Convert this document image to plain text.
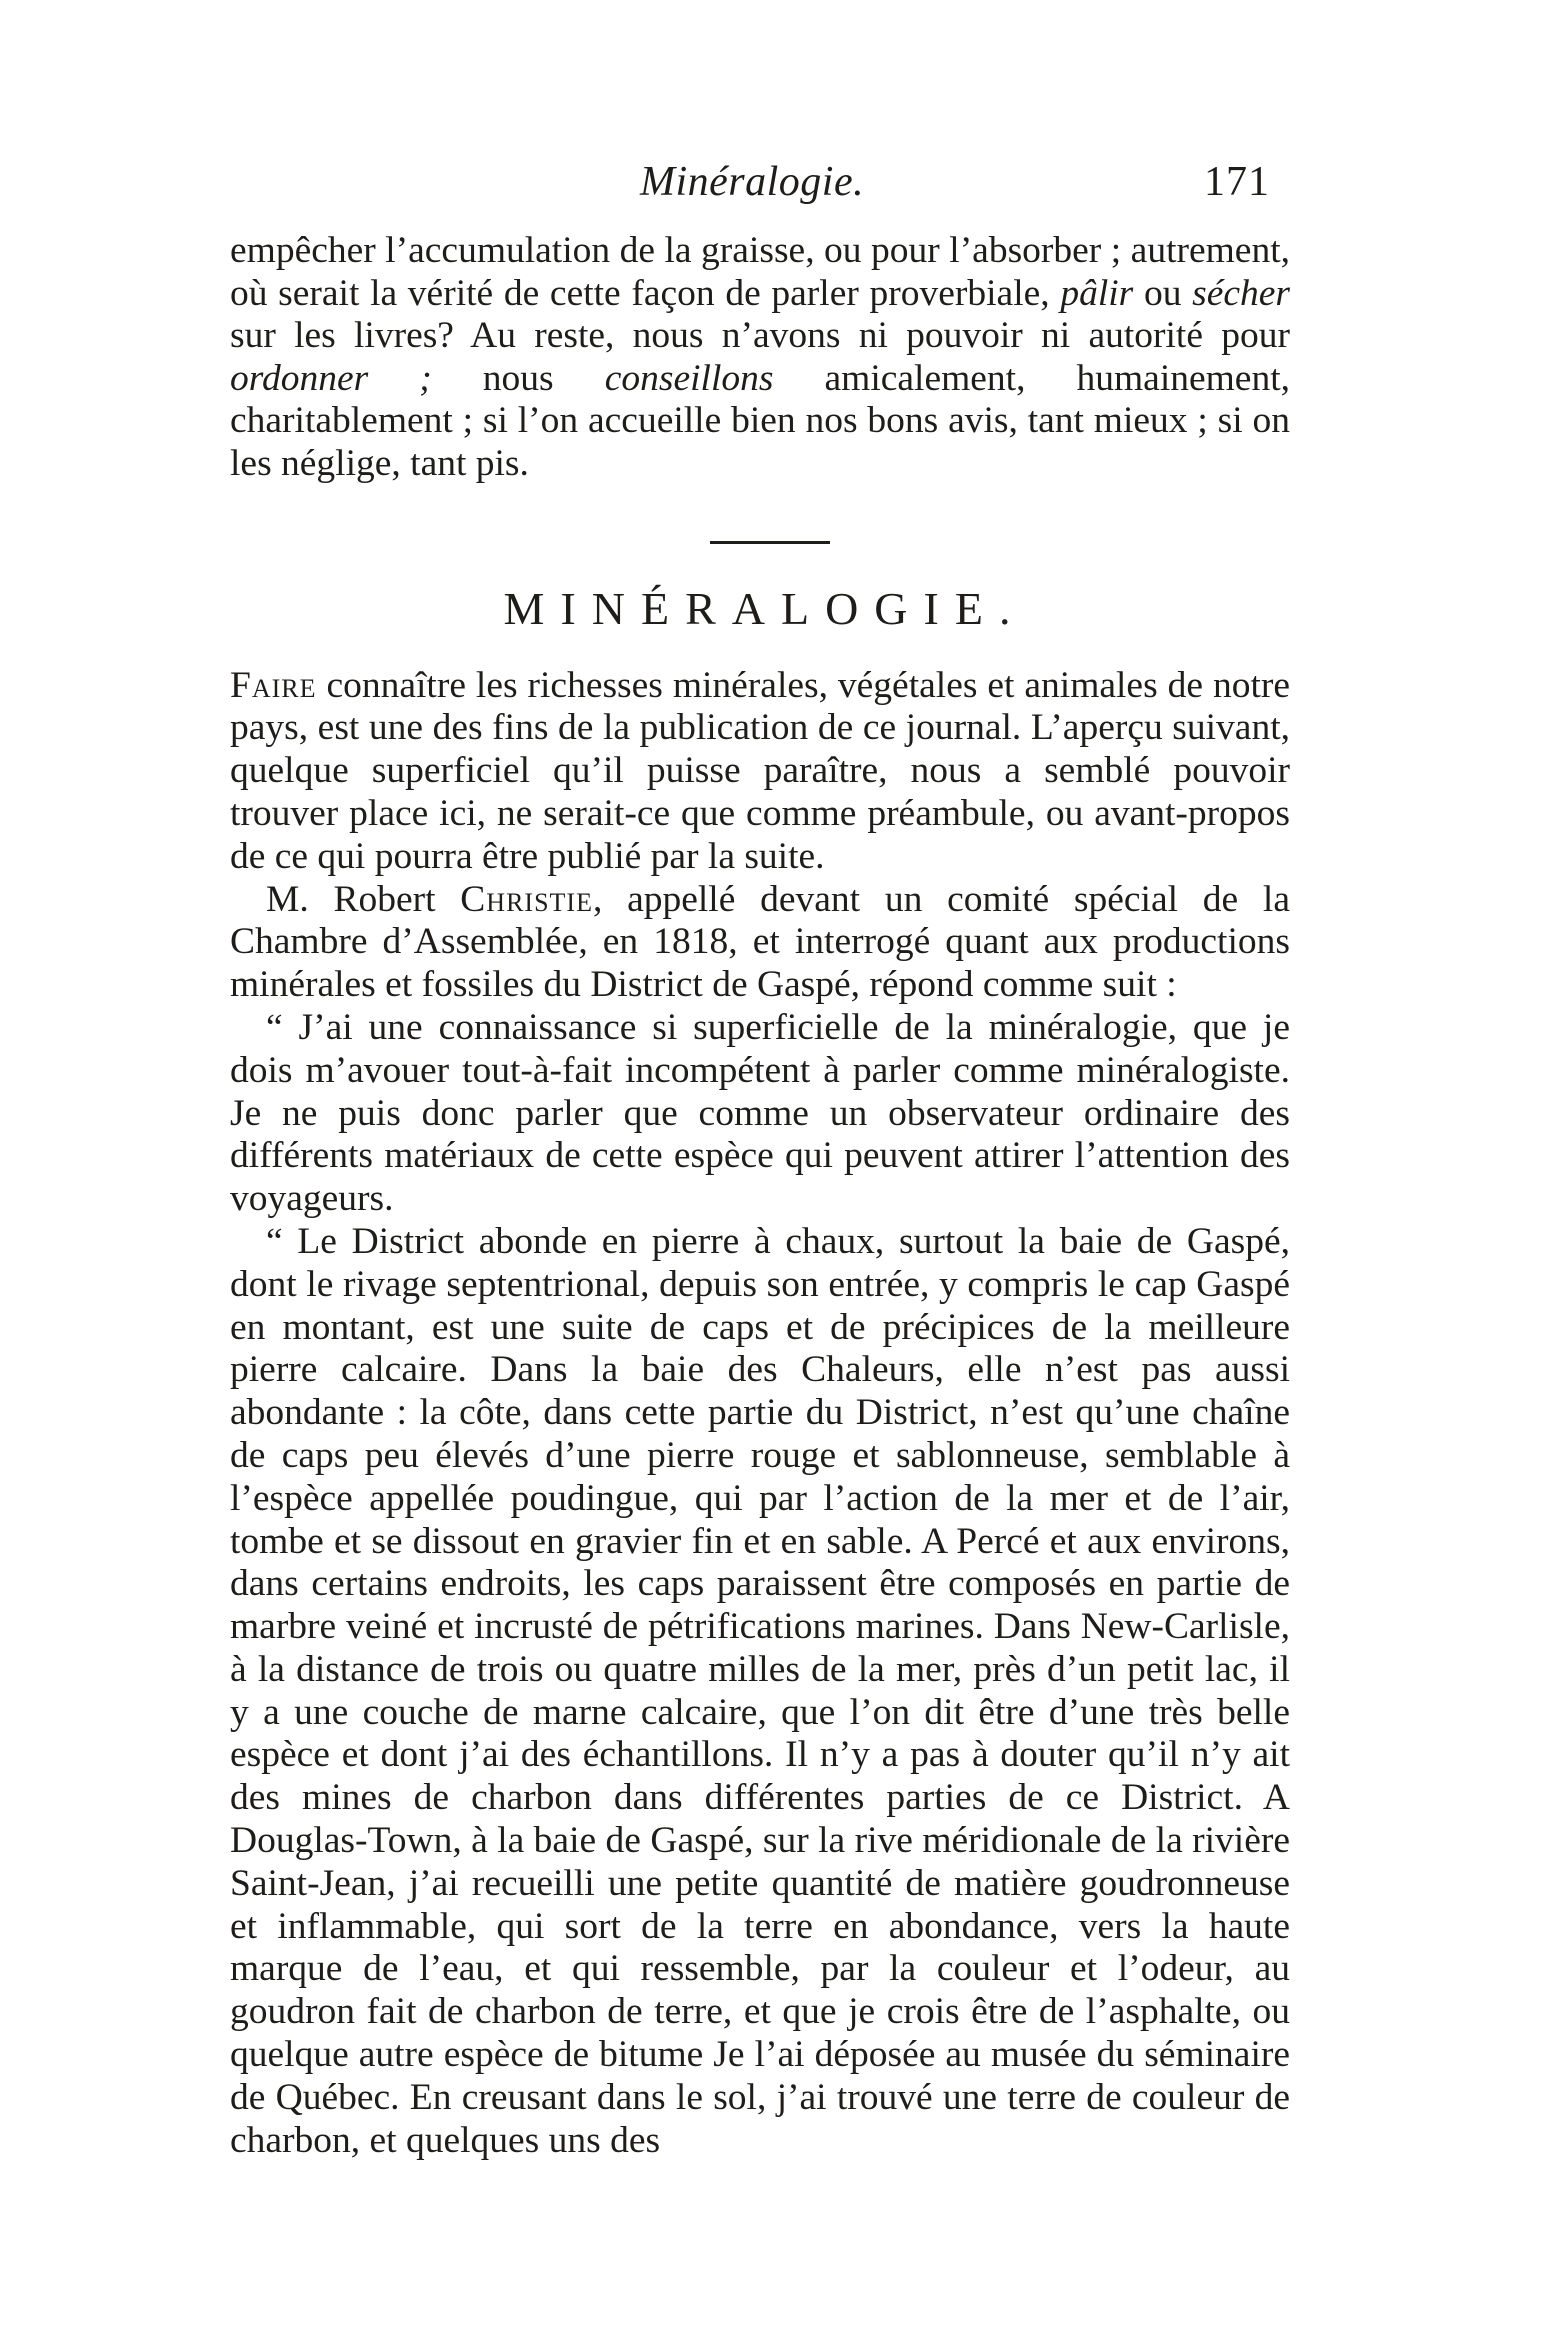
Minéralogie.	171

empêcher l’accumulation de la graisse, ou pour l’absorber ; autrement, où serait la vérité de cette façon de parler proverbiale, pâlir ou sécher sur les livres? Au reste, nous n’avons ni pouvoir ni autorité pour ordonner ; nous conseillons amicalement, humainement, charitablement ; si l’on accueille bien nos bons avis, tant mieux ; si on les néglige, tant pis.

MINÉRALOGIE.

Faire connaître les richesses minérales, végétales et animales de notre pays, est une des fins de la publication de ce journal. L’aperçu suivant, quelque superficiel qu’il puisse paraître, nous a semblé pouvoir trouver place ici, ne serait-ce que comme préambule, ou avant-propos de ce qui pourra être publié par la suite.

M. Robert Christie, appellé devant un comité spécial de la Chambre d’Assemblée, en 1818, et interrogé quant aux productions minérales et fossiles du District de Gaspé, répond comme suit :

“ J’ai une connaissance si superficielle de la minéralogie, que je dois m’avouer tout-à-fait incompétent à parler comme minéralogiste. Je ne puis donc parler que comme un observateur ordinaire des différents matériaux de cette espèce qui peuvent attirer l’attention des voyageurs.

“ Le District abonde en pierre à chaux, surtout la baie de Gaspé, dont le rivage septentrional, depuis son entrée, y compris le cap Gaspé en montant, est une suite de caps et de précipices de la meilleure pierre calcaire. Dans la baie des Chaleurs, elle n’est pas aussi abondante : la côte, dans cette partie du District, n’est qu’une chaîne de caps peu élevés d’une pierre rouge et sablonneuse, semblable à l’espèce appellée poudingue, qui par l’action de la mer et de l’air, tombe et se dissout en gravier fin et en sable. A Percé et aux environs, dans certains endroits, les caps paraissent être composés en partie de marbre veiné et incrusté de pétrifications marines. Dans New-Carlisle, à la distance de trois ou quatre milles de la mer, près d’un petit lac, il y a une couche de marne calcaire, que l’on dit être d’une très belle espèce et dont j’ai des échantillons. Il n’y a pas à douter qu’il n’y ait des mines de charbon dans différentes parties de ce District. A Douglas-Town, à la baie de Gaspé, sur la rive méridionale de la rivière Saint-Jean, j’ai recueilli une petite quantité de matière goudronneuse et inflammable, qui sort de la terre en abondance, vers la haute marque de l’eau, et qui ressemble, par la couleur et l’odeur, au goudron fait de charbon de terre, et que je crois être de l’asphalte, ou quelque autre espèce de bitume Je l’ai déposée au musée du séminaire de Québec. En creusant dans le sol, j’ai trouvé une terre de couleur de charbon, et quelques uns des
